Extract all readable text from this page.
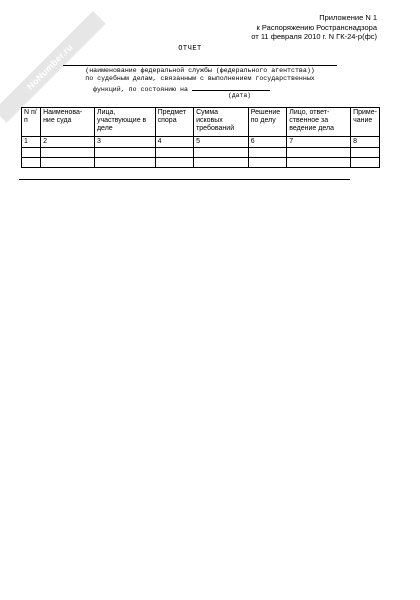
NoNumber.ru
Приложение N 1
к Распоряжению Ространснадзора
от 11 февраля 2010 г. N ГК-24-р(фс)
ОТЧЕТ
(наименование федеральной службы (федерального агентства))
по судебным делам, связанным с выполнением государственных
функций, по состоянию на
(дата)
N п/п	Наименова-ние суда	Лица, участвующие в деле	Предмет спора	Сумма исковых требований	Решение по делу	Лицо, ответ-ственное за ведение дела	Приме-чание
1	2	3	4	5	6	7	8
